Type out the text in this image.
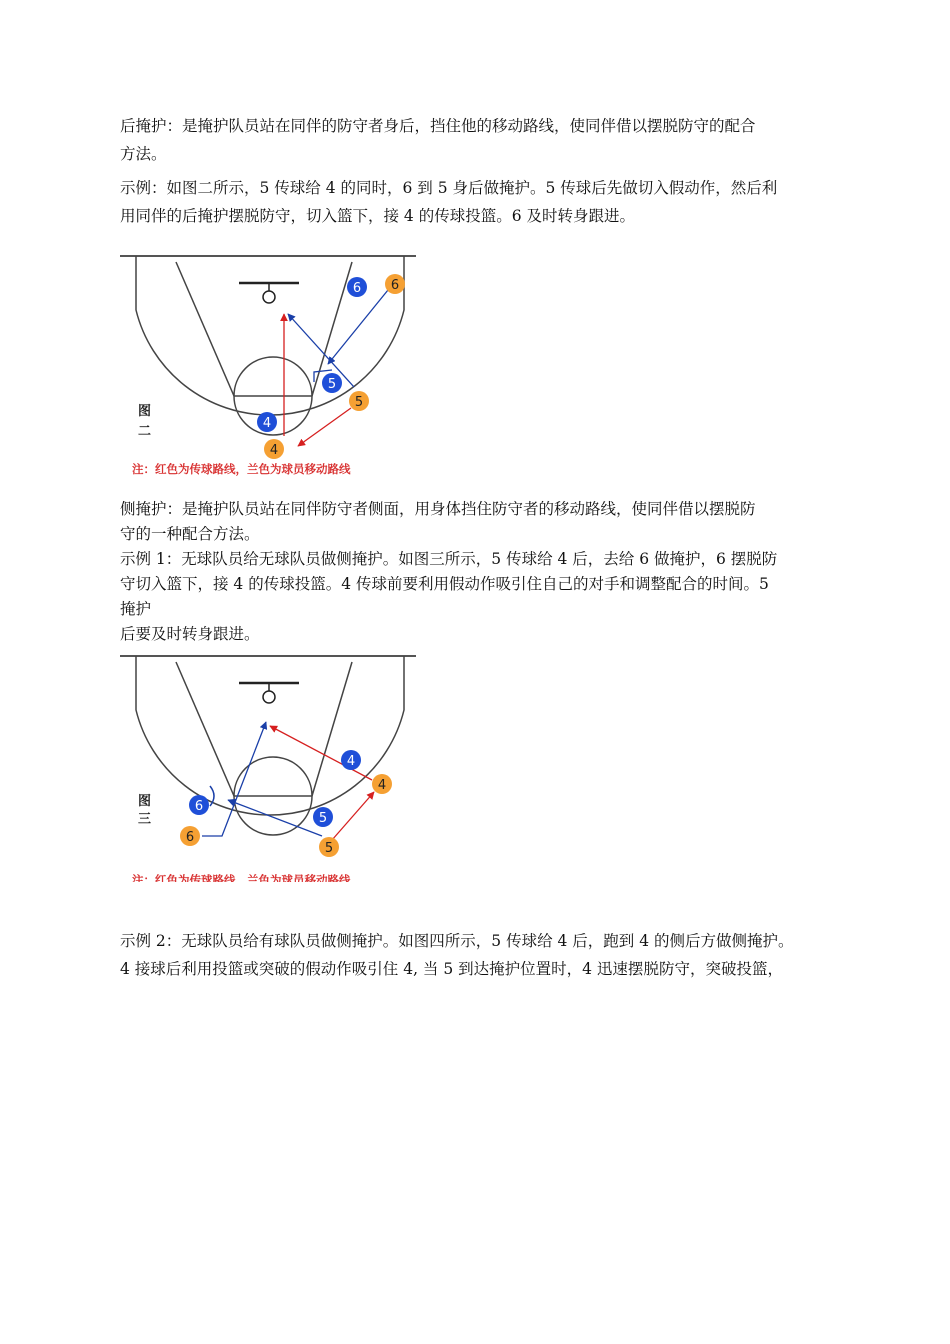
后掩护：是掩护队员站在同伴的防守者身后，挡住他的移动路线，使同伴借以摆脱防守的配合
方法。

示例：如图二所示，5 传球给 4 的同时，6 到 5 身后做掩护。5 传球后先做切入假动作，然后利
用同伴的后掩护摆脱防守，切入篮下，接 4 的传球投篮。6 及时转身跟进。

6
6
5
5
4
4
图
二
注：红色为传球路线，兰色为球员移动路线

侧掩护：是掩护队员站在同伴防守者侧面，用身体挡住防守者的移动路线，使同伴借以摆脱防
守的一种配合方法。

示例 1：无球队员给无球队员做侧掩护。如图三所示，5 传球给 4 后，去给 6 做掩护，6 摆脱防
守切入篮下，接 4 的传球投篮。4 传球前要利用假动作吸引住自己的对手和调整配合的时间。5
掩护
后要及时转身跟进。

4
4
6
6
5
5
图
三
注：红色为传球路线，兰色为球员移动路线

示例 2：无球队员给有球队员做侧掩护。如图四所示，5 传球给 4 后，跑到 4 的侧后方做侧掩护。
4 接球后利用投篮或突破的假动作吸引住 4, 当 5 到达掩护位置时，4 迅速摆脱防守，突破投篮，
